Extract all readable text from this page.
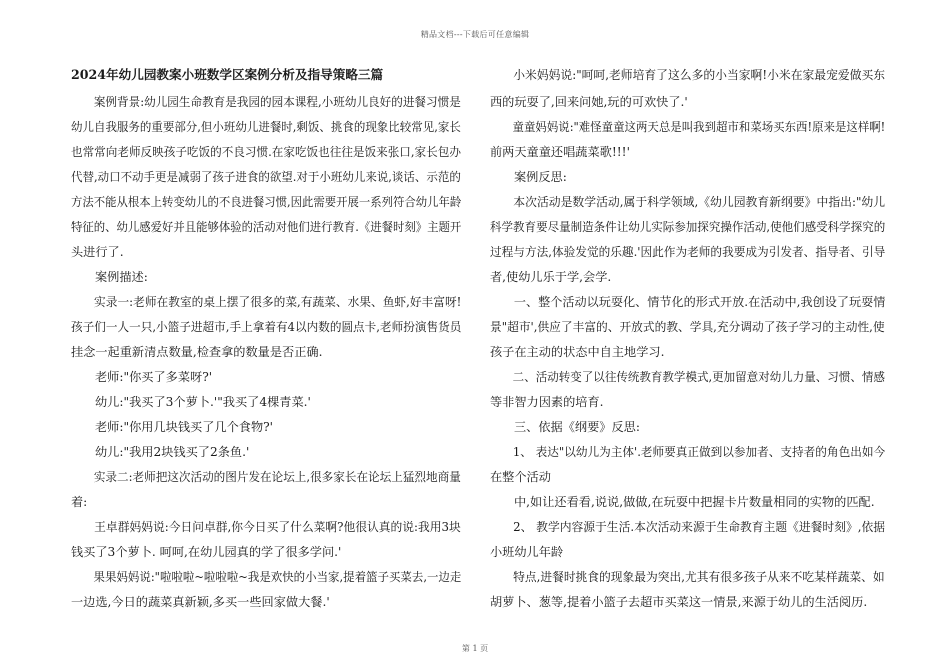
精品文档---下载后可任意编辑
2024年幼儿园教案小班数学区案例分析及指导策略三篇
案例背景:幼儿园生命教育是我园的园本课程,小班幼儿良好的进餐习惯是
幼儿自我服务的重要部分,但小班幼儿进餐时,剩饭、挑食的现象比较常见,家长
也常常向老师反映孩子吃饭的不良习惯.在家吃饭也往往是饭来张口,家长包办
代替,动口不动手更是减弱了孩子进食的欲望.对于小班幼儿来说,谈话、示范的
方法不能从根本上转变幼儿的不良进餐习惯,因此需要开展一系列符合幼儿年龄
特征的、幼儿感爱好并且能够体验的活动对他们进行教育.《进餐时刻》主题开
头进行了.
案例描述:
实录一:老师在教室的桌上摆了很多的菜,有蔬菜、水果、鱼虾,好丰富呀!
孩子们一人一只,小篮子进超市,手上拿着有4以内数的圆点卡,老师扮演售货员
挂念一起重新清点数量,检查拿的数量是否正确.
老师:"你买了多菜呀?'
幼儿:"我买了3个萝卜.'"我买了4棵青菜.'
老师:"你用几块钱买了几个食物?'
幼儿:"我用2块钱买了2条鱼.'
实录二:老师把这次活动的图片发在论坛上,很多家长在论坛上猛烈地商量
着:
王卓群妈妈说:今日问卓群,你今日买了什么菜啊?他很认真的说:我用3块
钱买了3个萝卜. 呵呵,在幼儿园真的学了很多学问.'
果果妈妈说:"啦啦啦~啦啦啦~我是欢快的小当家,提着篮子买菜去,一边走
一边选,今日的蔬菜真新颖,多买一些回家做大餐.'
小米妈妈说:"呵呵,老师培育了这么多的小当家啊!小米在家最宠爱做买东
西的玩耍了,回来问她,玩的可欢快了.'
童童妈妈说:"难怪童童这两天总是叫我到超市和菜场买东西!原来是这样啊!
前两天童童还唱蔬菜歌!!!'
案例反思:
本次活动是数学活动,属于科学领域,《幼儿园教育新纲要》中指出:"幼儿
科学教育要尽量制造条件让幼儿实际参加探究操作活动,使他们感受科学探究的
过程与方法,体验发觉的乐趣.'因此作为老师的我要成为引发者、指导者、引导
者,使幼儿乐于学,会学.
一、整个活动以玩耍化、情节化的形式开放.在活动中,我创设了玩耍情
景"超市',供应了丰富的、开放式的教、学具,充分调动了孩子学习的主动性,使
孩子在主动的状态中自主地学习.
二、活动转变了以往传统教育教学模式,更加留意对幼儿力量、习惯、情感
等非智力因素的培育.
三、依据《纲要》反思:
1、 表达"以幼儿为主体'.老师要真正做到以参加者、支持者的角色出如今
在整个活动
中,如让还看看,说说,做做,在玩耍中把握卡片数量相同的实物的匹配.
2、 教学内容源于生活.本次活动来源于生命教育主题《进餐时刻》,依据
小班幼儿年龄
特点,进餐时挑食的现象最为突出,尤其有很多孩子从来不吃某样蔬菜、如
胡萝卜、葱等,提着小篮子去超市买菜这一情景,来源于幼儿的生活阅历.
第 1 页
